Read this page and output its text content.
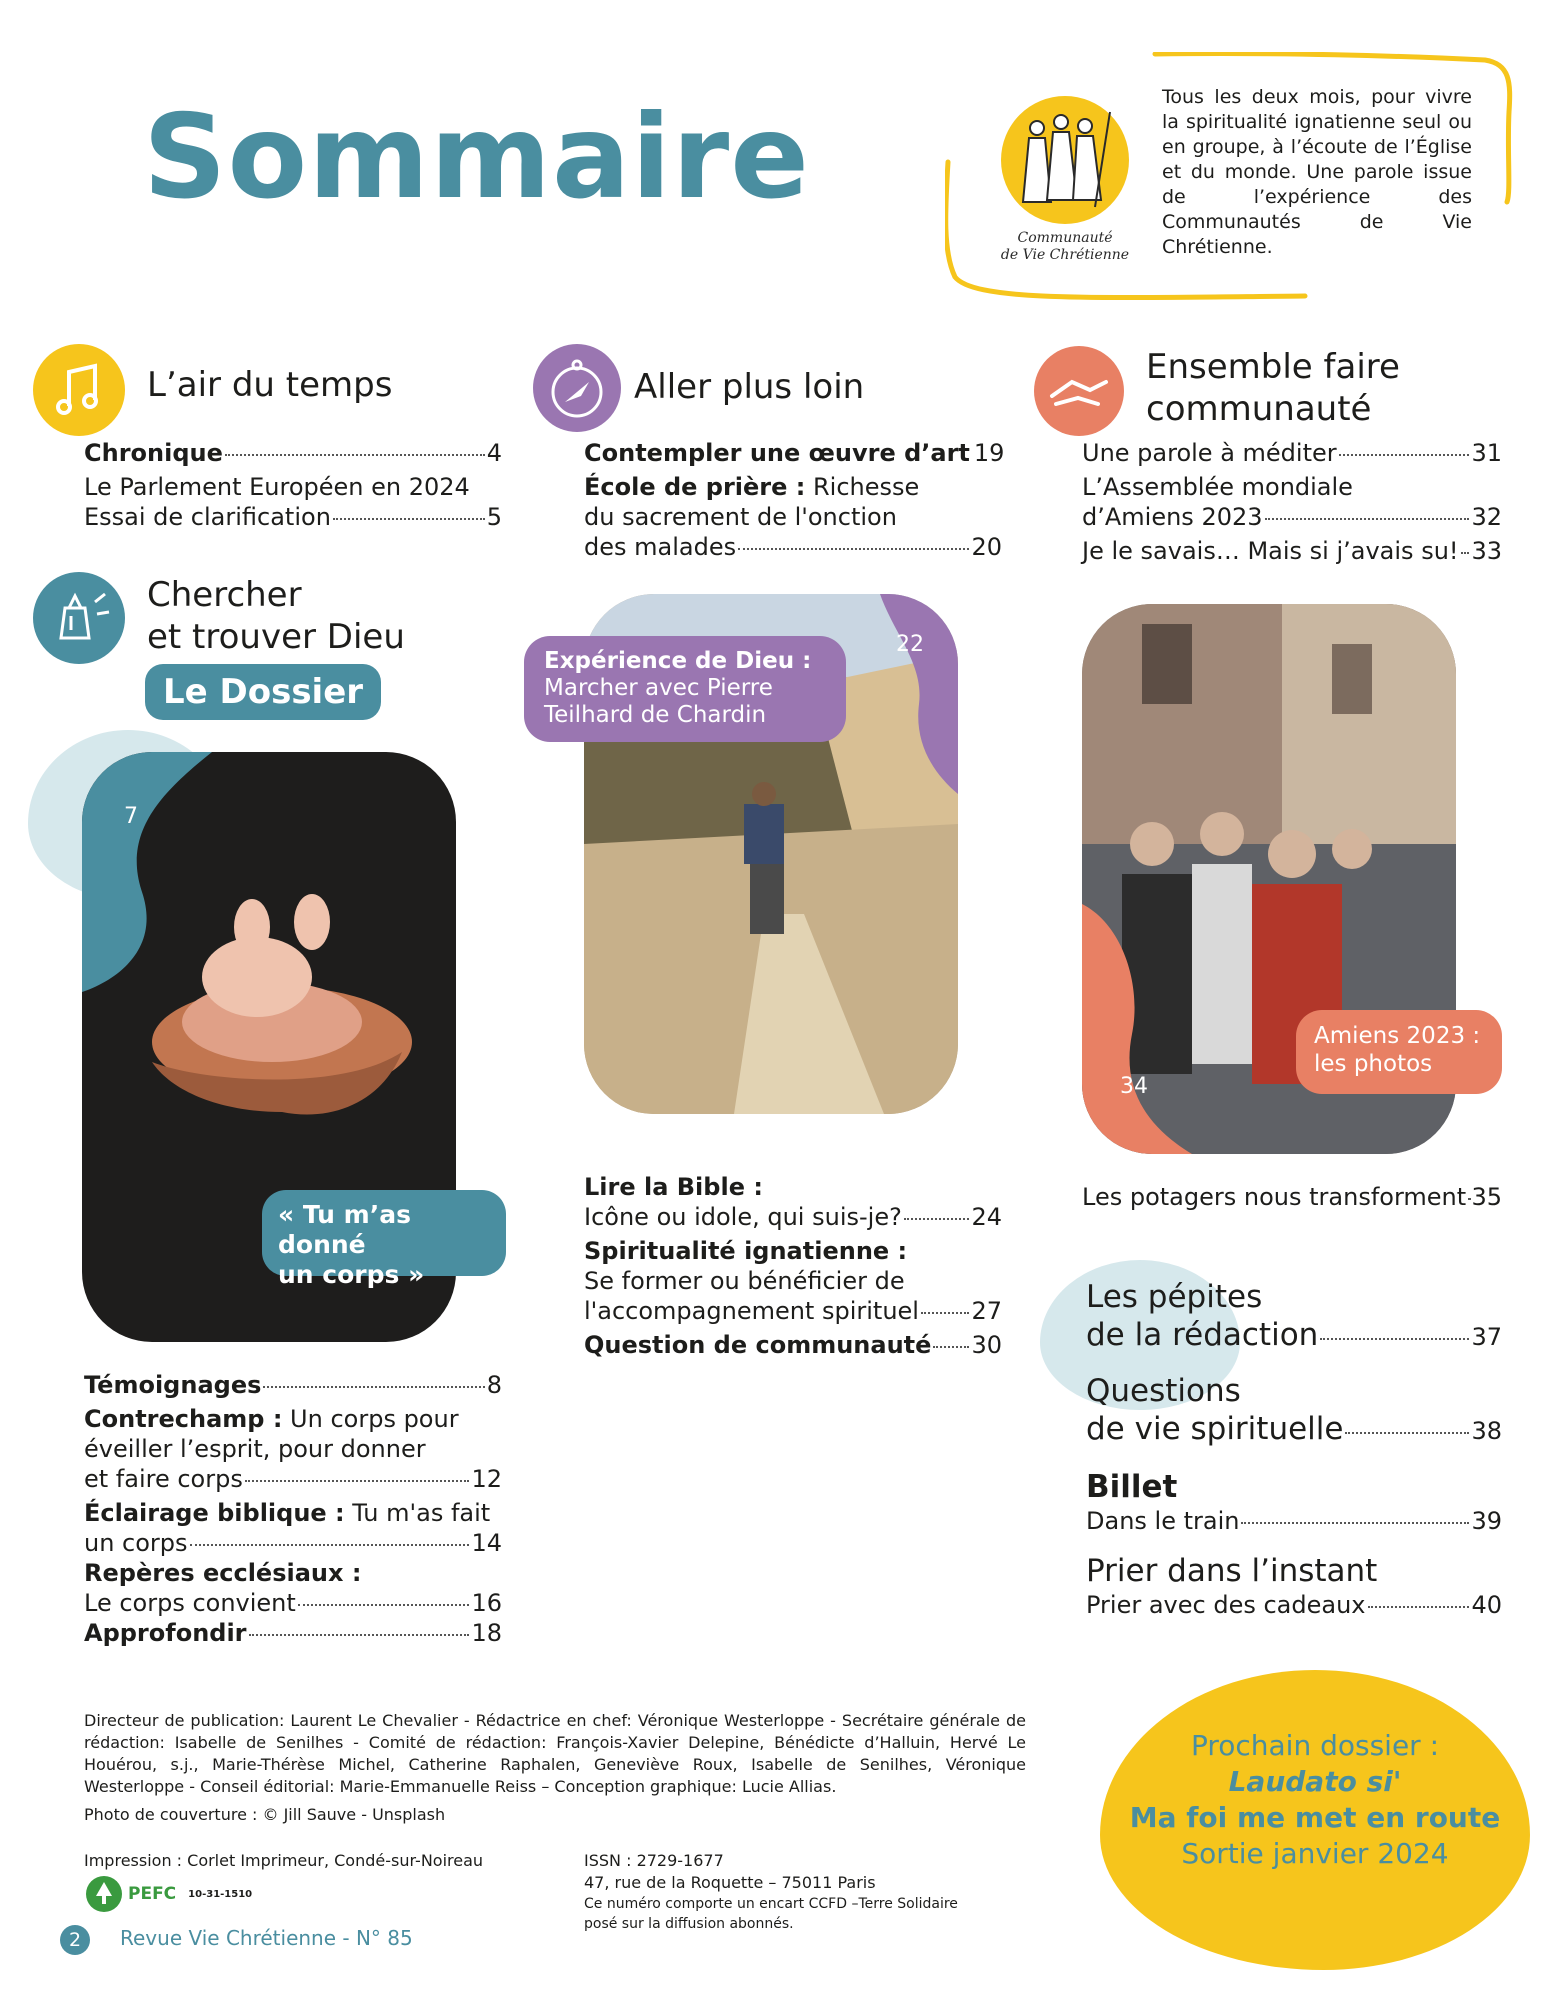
Sommaire
Communauté
de Vie Chrétienne
Tous les deux mois, pour vivre la spiritualité ignatienne seul ou en groupe, à l’écoute de l’Église et du monde. Une parole issue de l’expérience des Communautés de Vie Chrétienne.
L’air du temps
Chronique	4
Le Parlement Européen en 2024
Essai de clarification	5
Aller plus loin
Contempler une œuvre d’art 19
École de prière : Richesse
du sacrement de l'onction
des malades	20
Ensemble faire
communauté
Une parole à méditer	31
L’Assemblée mondiale
d’Amiens 2023	32
Je le savais… Mais si j’avais su! 33
Chercher
et trouver Dieu
Le Dossier
7
« Tu m’as donné
un corps »
Témoignages	8
Contrechamp : Un corps pour
éveiller l’esprit, pour donner
et faire corps	12
Éclairage biblique : Tu m'as fait
un corps	14
Repères ecclésiaux :
Le corps convient	16
Approfondir	18
22
Expérience de Dieu :
Marcher avec Pierre
Teilhard de Chardin
Lire la Bible :
Icône ou idole, qui suis-je?	24
Spiritualité ignatienne :
Se former ou bénéficier de
l'accompagnement spirituel 27
Question de communauté 30
34
Amiens 2023 :
les photos
Les potagers nous transforment 35
Les pépites
de la rédaction	37
Questions
de vie spirituelle	38
Billet
Dans le train	39
Prier dans l’instant
Prier avec des cadeaux	40
Directeur de publication: Laurent Le Chevalier - Rédactrice en chef: Véronique Westerloppe - Secrétaire générale de rédaction: Isabelle de Senilhes - Comité de rédaction: François-Xavier Delepine, Bénédicte d’Halluin, Hervé Le Houérou, s.j., Marie-Thérèse Michel, Catherine Raphalen, Geneviève Roux, Isabelle de Senilhes, Véronique Westerloppe - Conseil éditorial: Marie-Emmanuelle Reiss – Conception graphique: Lucie Allias.
Photo de couverture : © Jill Sauve - Unsplash
Impression : Corlet Imprimeur, Condé-sur-Noireau
PEFC 10-31-1510
ISSN : 2729-1677
47, rue de la Roquette – 75011 Paris
Ce numéro comporte un encart CCFD –Terre Solidaire
posé sur la diffusion abonnés.
2	Revue Vie Chrétienne - N° 85
Prochain dossier :
Laudato si'
Ma foi me met en route
Sortie janvier 2024
